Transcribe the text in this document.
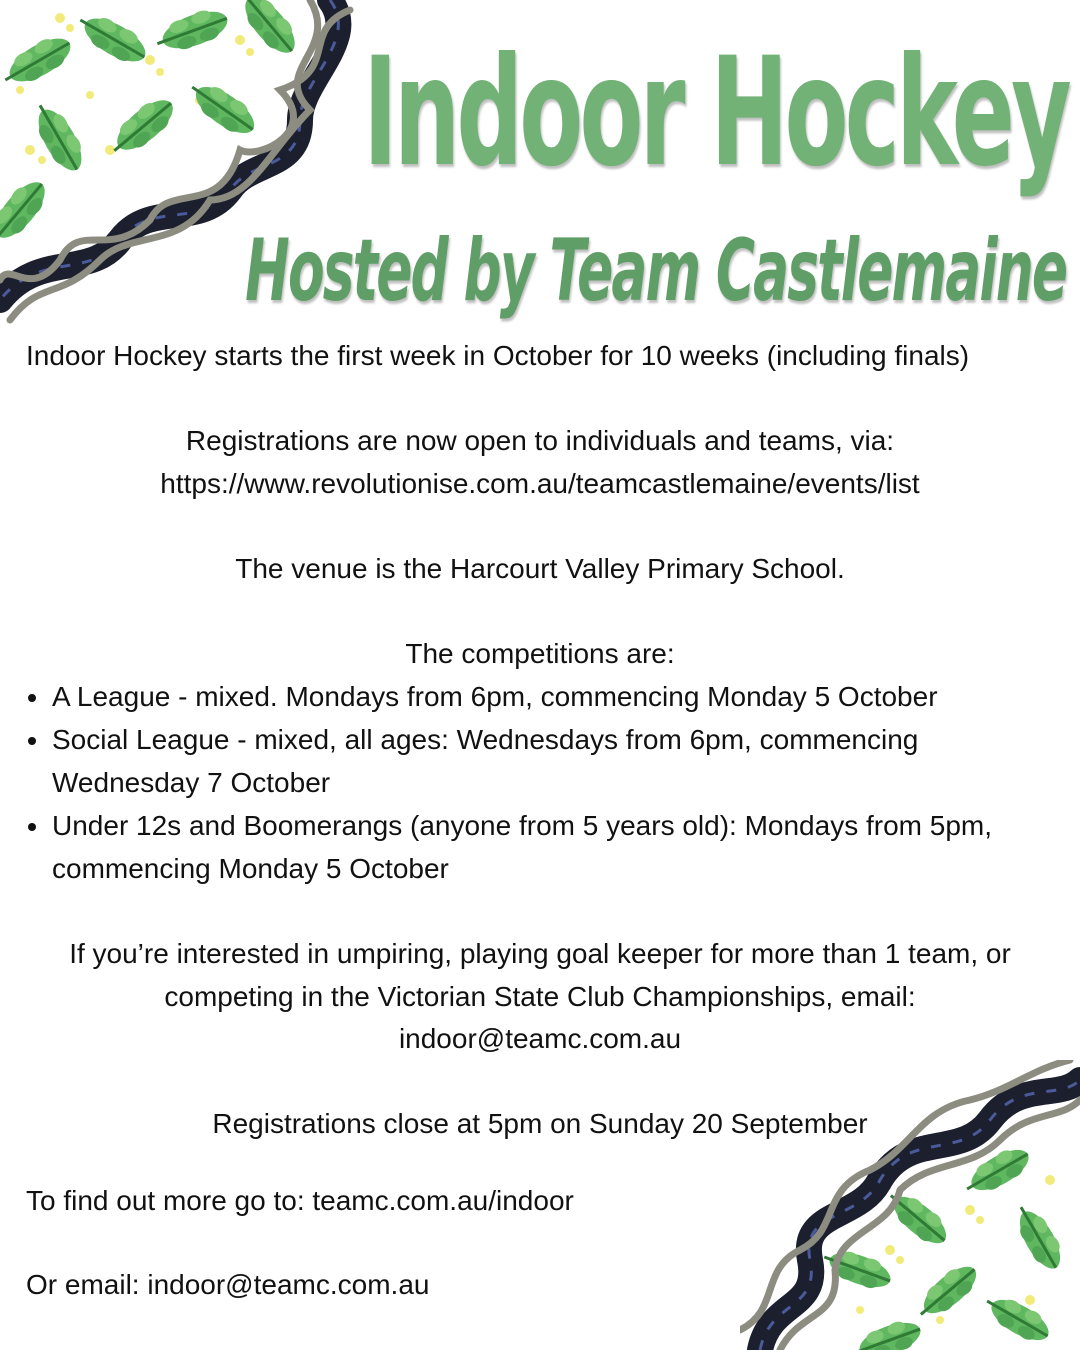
Indoor Hockey
Hosted by Team Castlemaine
Indoor Hockey starts the first week in October for 10 weeks (including finals)
Registrations are now open to individuals and teams, via:
https://www.revolutionise.com.au/teamcastlemaine/events/list
The venue is the Harcourt Valley Primary School.
The competitions are:
A League - mixed. Mondays from 6pm, commencing Monday 5 October
Social League - mixed, all ages: Wednesdays from 6pm, commencing
Wednesday 7 October
Under 12s and Boomerangs (anyone from 5 years old): Mondays from 5pm,
commencing Monday 5 October
If you’re interested in umpiring, playing goal keeper for more than 1 team, or
competing in the Victorian State Club Championships, email:
indoor@teamc.com.au
Registrations close at 5pm on Sunday 20 September
To find out more go to: teamc.com.au/indoor
Or email: indoor@teamc.com.au
